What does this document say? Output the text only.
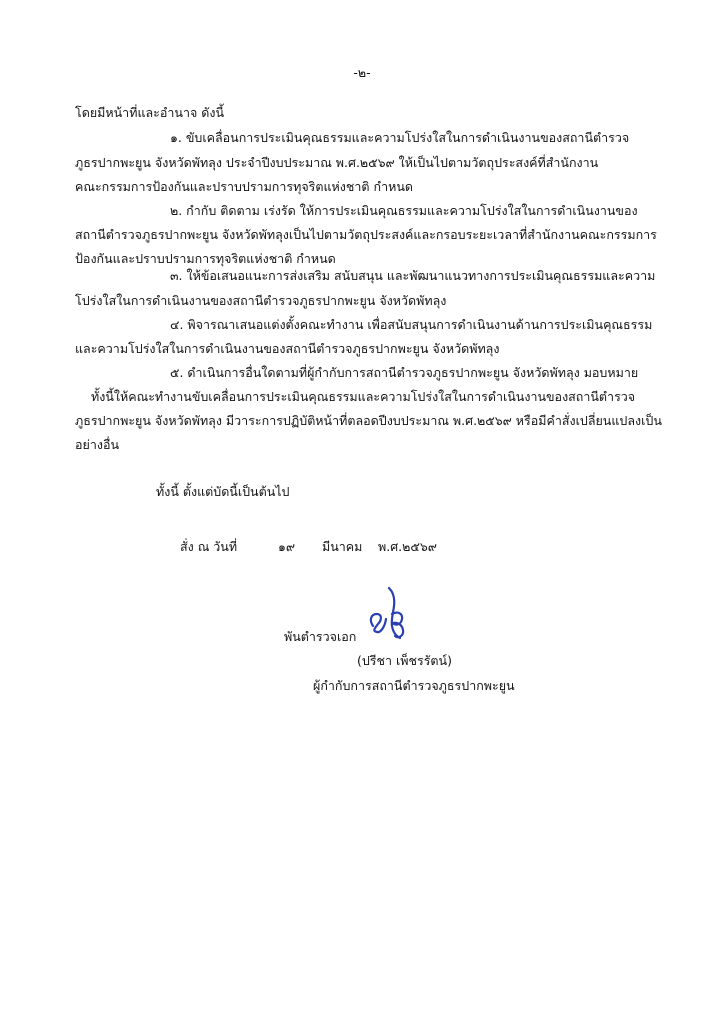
-๒-
โดยมีหน้าที่และอำนาจ ดังนี้
๑. ขับเคลื่อนการประเมินคุณธรรมและความโปร่งใสในการดำเนินงานของสถานีตำรวจ
ภูธรปากพะยูน จังหวัดพัทลุง ประจำปีงบประมาณ พ.ศ.๒๕๖๙ ให้เป็นไปตามวัตถุประสงค์ที่สำนักงาน
คณะกรรมการป้องกันและปราบปรามการทุจริตแห่งชาติ กำหนด
๒. กำกับ ติดตาม เร่งรัด ให้การประเมินคุณธรรมและความโปร่งใสในการดำเนินงานของ
สถานีตำรวจภูธรปากพะยูน จังหวัดพัทลุงเป็นไปตามวัตถุประสงค์และกรอบระยะเวลาที่สำนักงานคณะกรรมการ
ป้องกันและปราบปรามการทุจริตแห่งชาติ กำหนด
๓. ให้ข้อเสนอแนะการส่งเสริม สนับสนุน และพัฒนาแนวทางการประเมินคุณธรรมและความ
โปร่งใสในการดำเนินงานของสถานีตำรวจภูธรปากพะยูน จังหวัดพัทลุง
๔. พิจารณาเสนอแต่งตั้งคณะทำงาน เพื่อสนับสนุนการดำเนินงานด้านการประเมินคุณธรรม
และความโปร่งใสในการดำเนินงานของสถานีตำรวจภูธรปากพะยูน จังหวัดพัทลุง
๕. ดำเนินการอื่นใดตามที่ผู้กำกับการสถานีตำรวจภูธรปากพะยูน จังหวัดพัทลุง มอบหมาย
ทั้งนี้ให้คณะทำงานขับเคลื่อนการประเมินคุณธรรมและความโปร่งใสในการดำเนินงานของสถานีตำรวจ
ภูธรปากพะยูน จังหวัดพัทลุง มีวาระการปฏิบัติหน้าที่ตลอดปีงบประมาณ พ.ศ.๒๕๖๙ หรือมีคำสั่งเปลี่ยนแปลงเป็น
อย่างอื่น
ทั้งนี้ ตั้งแต่บัดนี้เป็นต้นไป
สั่ง ณ วันที่	๑๙ มีนาคม พ.ศ.๒๕๖๙
พันตำรวจเอก
(ปรีชา เพ็ชรรัตน์)
ผู้กำกับการสถานีตำรวจภูธรปากพะยูน
